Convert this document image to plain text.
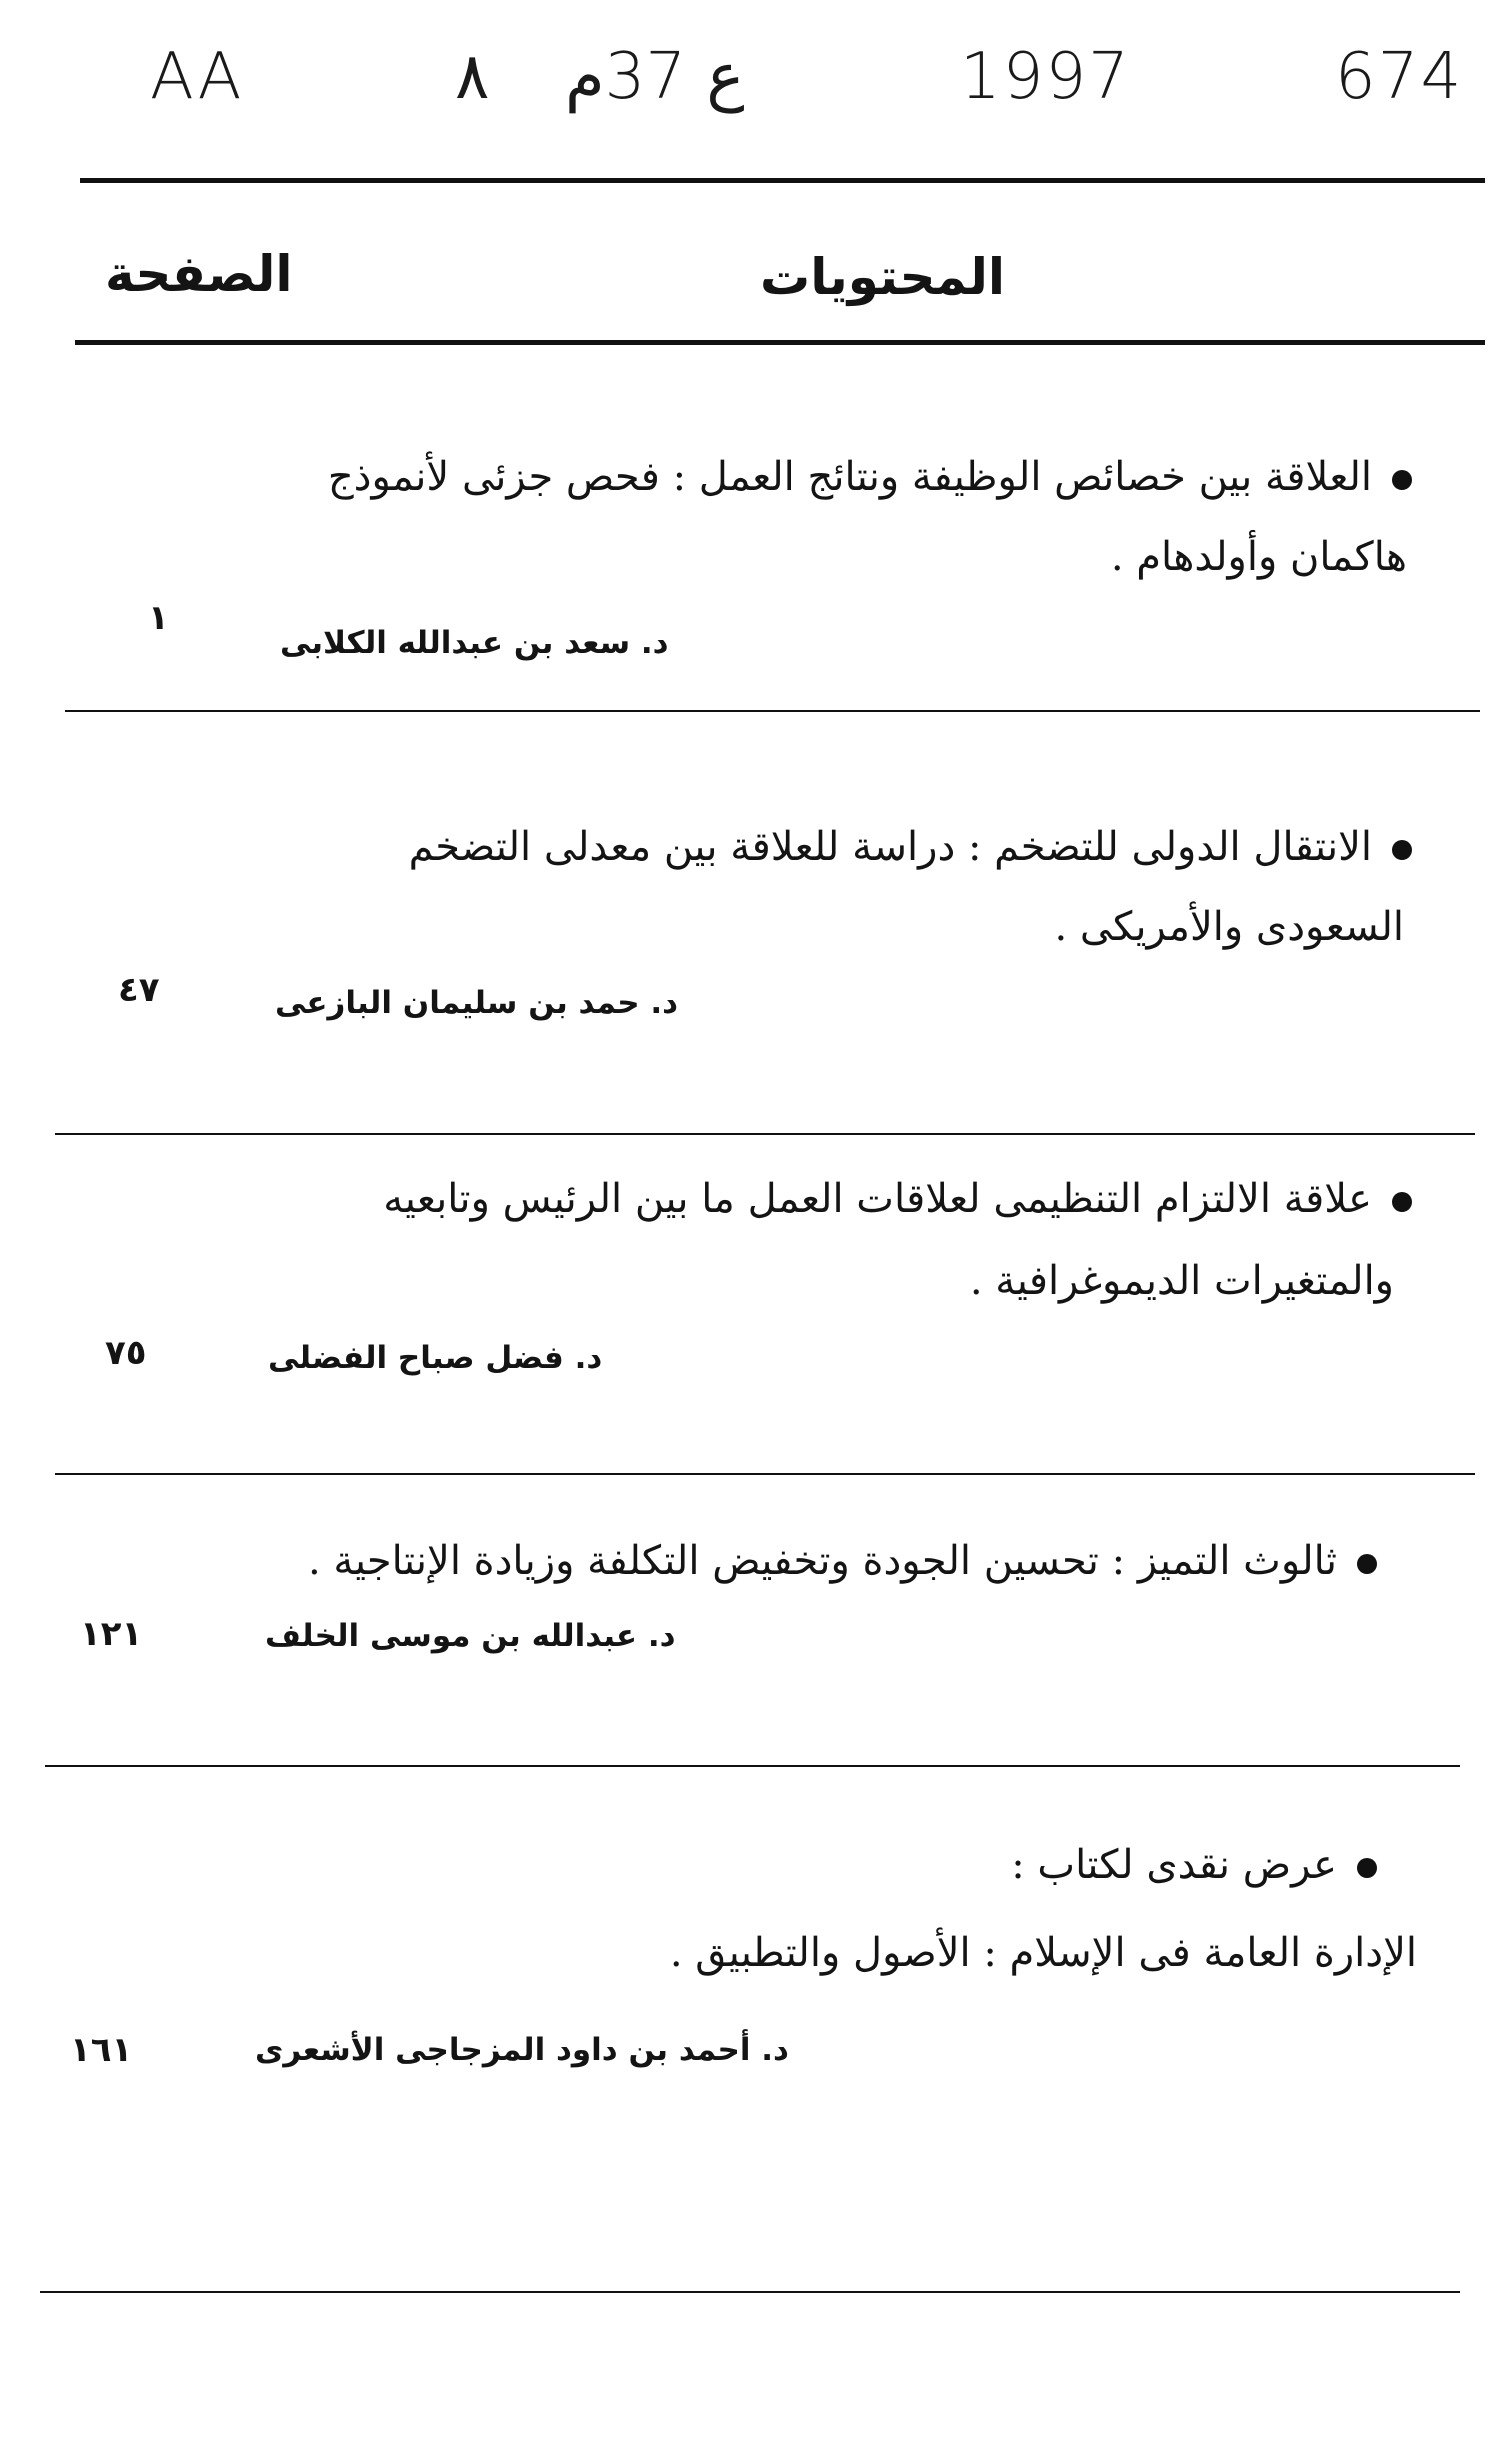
AA	٨ ع 37م	1997	674
المحتويات
الصفحة
العلاقة بين خصائص الوظيفة ونتائج العمل : فحص جزئى لأنموذج
هاكمان وأولدهام .
١
د. سعد بن عبدالله الكلابى
الانتقال الدولى للتضخم : دراسة للعلاقة بين معدلى التضخم
السعودى والأمريكى .
٤٧	د. حمد بن سليمان البازعى
علاقة الالتزام التنظيمى لعلاقات العمل ما بين الرئيس وتابعيه
والمتغيرات الديموغرافية .
٧٥	د. فضل صباح الفضلى
ثالوث التميز : تحسين الجودة وتخفيض التكلفة وزيادة الإنتاجية .
١٢١	د. عبدالله بن موسى الخلف
عرض نقدى لكتاب :
الإدارة العامة فى الإسلام : الأصول والتطبيق .
١٦١	د. أحمد بن داود المزجاجى الأشعرى
